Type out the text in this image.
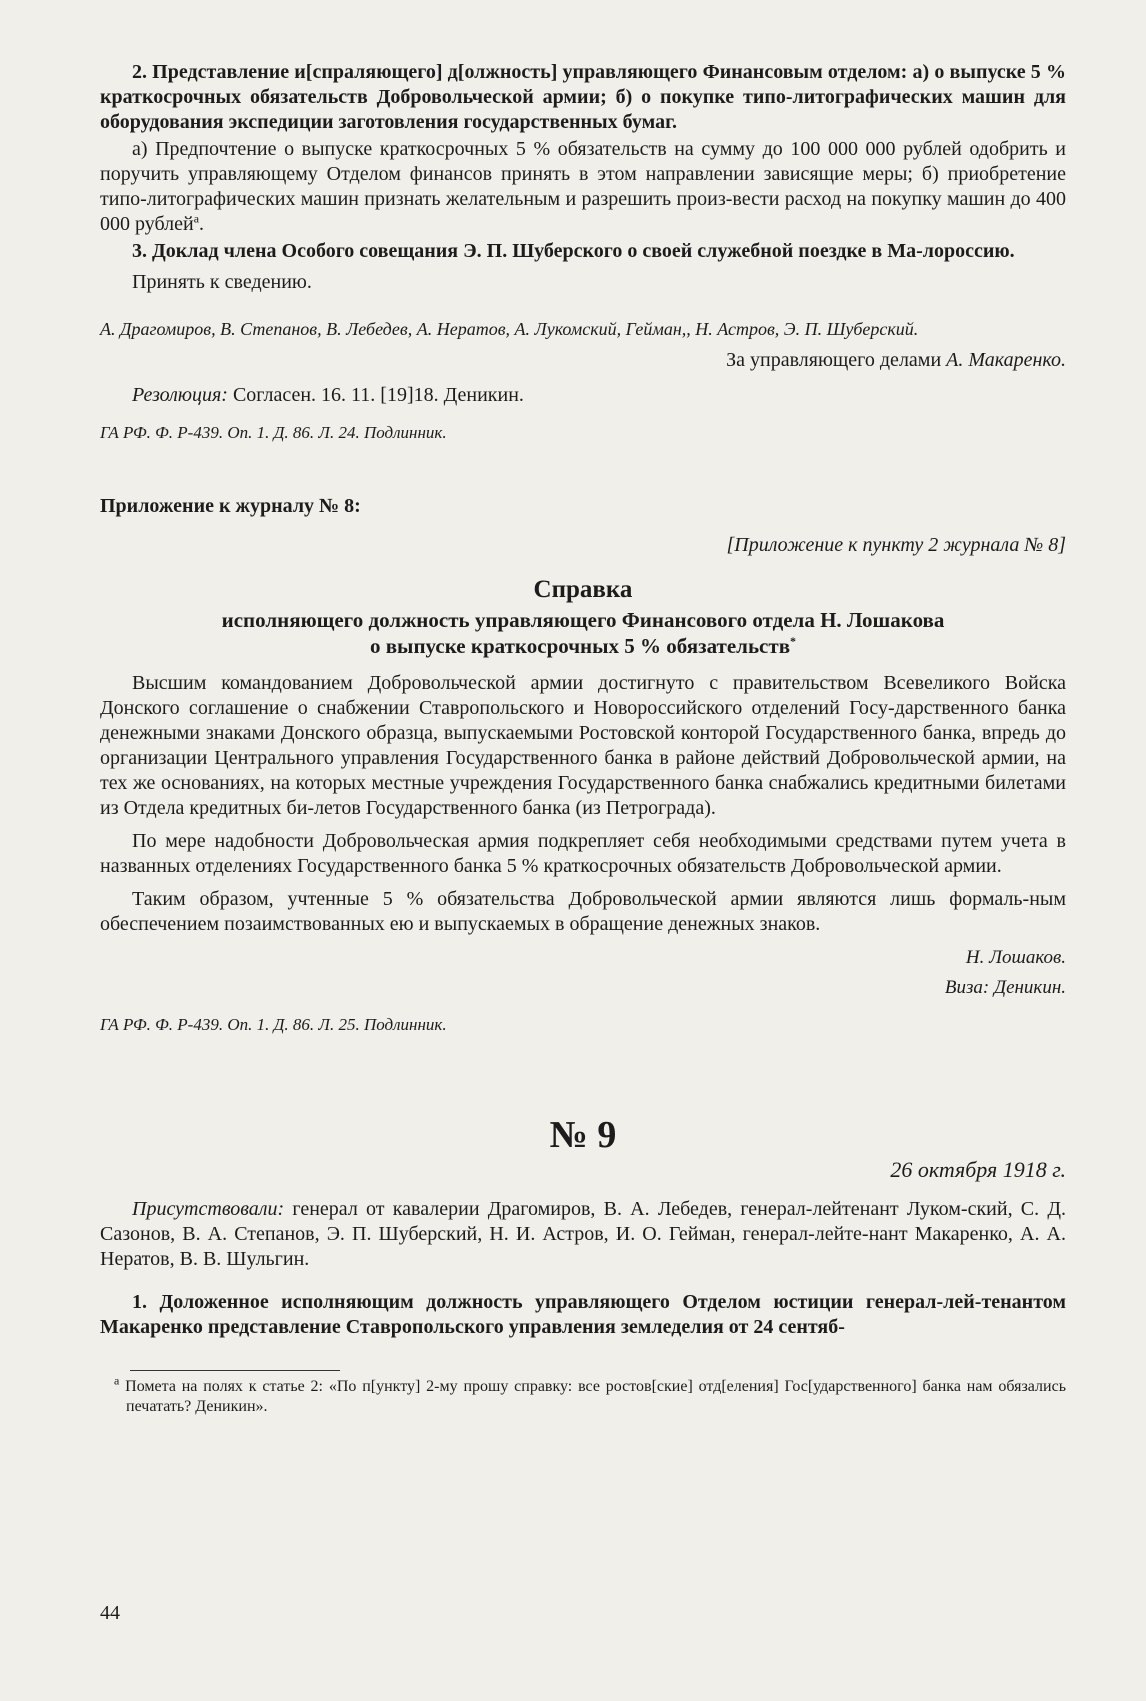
2. Представление и[спраляющего] д[олжность] управляющего Финансовым отделом: а) о выпуске 5 % краткосрочных обязательств Добровольческой армии; б) о покупке типо-литографических машин для оборудования экспедиции заготовления государственных бумаг.

а) Предпочтение о выпуске краткосрочных 5 % обязательств на сумму до 100 000 000 рублей одобрить и поручить управляющему Отделом финансов принять в этом направлении зависящие меры; б) приобретение типо-литографических машин признать желательным и разрешить произ-вести расход на покупку машин до 400 000 рублей$^а$.

3. Доклад члена Особого совещания Э. П. Шуберского о своей служебной поездке в Ма-лороссию.

Принять к сведению.

А. Драгомиров, В. Степанов, В. Лебедев, А. Нератов, А. Лукомский, Гейман,, Н. Астров, Э. П. Шуберский.

За управляющего делами А. Макаренко.

Резолюция: Согласен. 16. 11. [19]18. Деникин.

ГА РФ. Ф. Р-439. Оп. 1. Д. 86. Л. 24. Подлинник.

Приложение к журналу № 8:

[Приложение к пункту 2 журнала № 8]

Справка

исполняющего должность управляющего Финансового отдела Н. Лошакова

о выпуске краткосрочных 5 % обязательств*

Высшим командованием Добровольческой армии достигнуто с правительством Всевеликого Войска Донского соглашение о снабжении Ставропольского и Новороссийского отделений Госу-дарственного банка денежными знаками Донского образца, выпускаемыми Ростовской конторой Государственного банка, впредь до организации Центрального управления Государственного банка в районе действий Добровольческой армии, на тех же основаниях, на которых местные учреждения Государственного банка снабжались кредитными билетами из Отдела кредитных би-летов Государственного банка (из Петрограда).

По мере надобности Добровольческая армия подкрепляет себя необходимыми средствами путем учета в названных отделениях Государственного банка 5 % краткосрочных обязательств Добровольческой армии.

Таким образом, учтенные 5 % обязательства Добровольческой армии являются лишь формаль-ным обеспечением позаимствованных ею и выпускаемых в обращение денежных знаков.

Н. Лошаков.

Виза: Деникин.

ГА РФ. Ф. Р-439. Оп. 1. Д. 86. Л. 25. Подлинник.

№ 9

26 октября 1918 г.

Присутствовали: генерал от кавалерии Драгомиров, В. А. Лебедев, генерал-лейтенант Луком-ский, С. Д. Сазонов, В. А. Степанов, Э. П. Шуберский, Н. И. Астров, И. О. Гейман, генерал-лейте-нант Макаренко, А. А. Нератов, В. В. Шульгин.

1. Доложенное исполняющим должность управляющего Отделом юстиции генерал-лей-тенантом Макаренко представление Ставропольского управления земледелия от 24 сентяб-

$^а$ Помета на полях к статье 2: «По п[ункту] 2-му прошу справку: все ростов[ские] отд[еления] Гос[ударственного] банка нам обязались печатать? Деникин».

44
